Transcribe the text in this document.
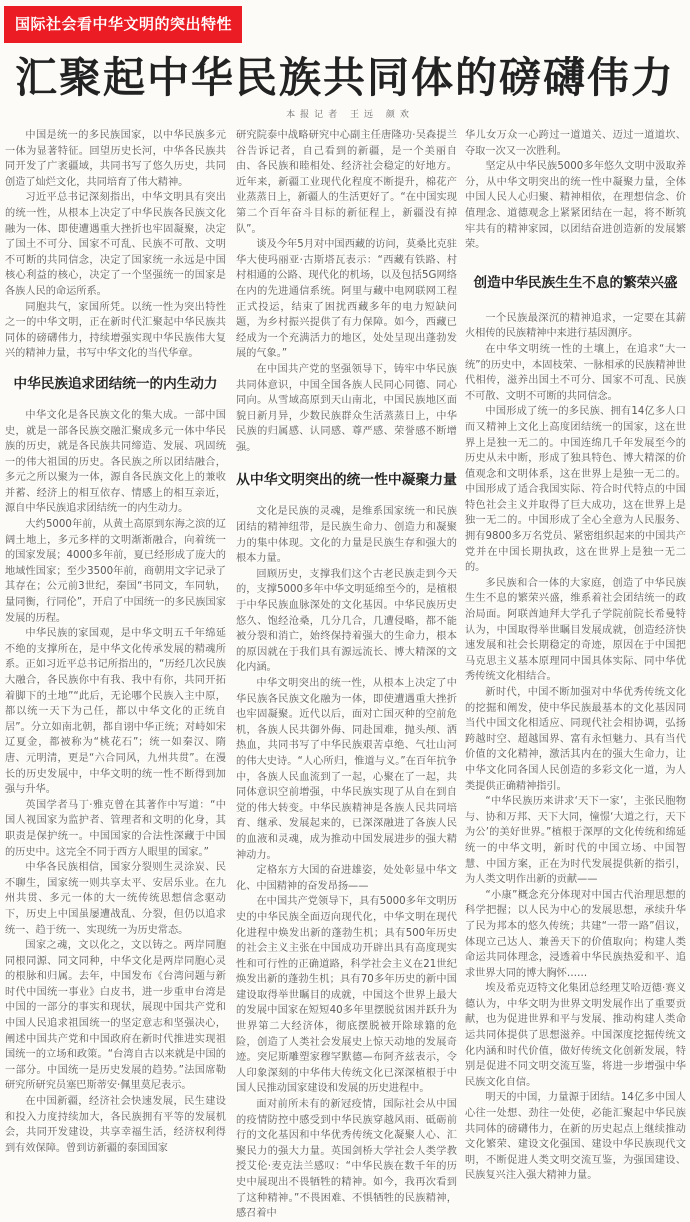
国际社会看中华文明的突出特性
汇聚起中华民族共同体的磅礴伟力
本报记者 王远 颜欢

中国是统一的多民族国家，以中华民族多元一体为显著特征。回望历史长河，中华各民族共同开发了广袤疆域，共同书写了悠久历史，共同创造了灿烂文化，共同培育了伟大精神。

习近平总书记深刻指出，中华文明具有突出的统一性，从根本上决定了中华民族各民族文化融为一体、即使遭遇重大挫折也牢固凝聚，决定了国土不可分、国家不可乱、民族不可散、文明不可断的共同信念，决定了国家统一永远是中国核心利益的核心，决定了一个坚强统一的国家是各族人民的命运所系。

同胞共气，家国所凭。以统一性为突出特性之一的中华文明，正在新时代汇聚起中华民族共同体的磅礴伟力，持续增强实现中华民族伟大复兴的精神力量，书写中华文化的当代华章。

中华民族追求团结统一的内生动力

中华文化是各民族文化的集大成。一部中国史，就是一部各民族交融汇聚成多元一体中华民族的历史，就是各民族共同缔造、发展、巩固统一的伟大祖国的历史。各民族之所以团结融合，多元之所以聚为一体，源自各民族文化上的兼收并蓄、经济上的相互依存、情感上的相互亲近，源自中华民族追求团结统一的内生动力。

大约5000年前，从黄土高原到东海之滨的辽阔土地上，多元多样的文明渐渐融合，向着统一的国家发展；4000多年前，夏已经形成了庞大的地域性国家；至少3500年前，商朝用文字记录了其存在；公元前3世纪，秦国“书同文，车同轨，量同衡，行同伦”，开启了中国统一的多民族国家发展的历程。

中华民族的家国观，是中华文明五千年绵延不绝的支撑所在，是中华文化传承发展的精魂所系。正如习近平总书记所指出的，“历经几次民族大融合，各民族你中有我、我中有你，共同开拓着脚下的土地”“此后，无论哪个民族入主中原，都以统一天下为己任，都以中华文化的正统自居”。分立如南北朝，都自诩中华正统；对峙如宋辽夏金，都被称为“桃花石”；统一如秦汉、隋唐、元明清，更是“六合同风，九州共贯”。在漫长的历史发展中，中华文明的统一性不断得到加强与升华。

英国学者马丁·雅克曾在其著作中写道：“中国人视国家为监护者、管理者和文明的化身，其职责是保护统一。中国国家的合法性深藏于中国的历史中。这完全不同于西方人眼里的国家。”

中华各民族相信，国家分裂则生灵涂炭、民不聊生，国家统一则共享太平、安居乐业。在九州共贯、多元一体的大一统传统思想信念驱动下，历史上中国虽屡遭战乱、分裂，但仍以追求统一、趋于统一、实现统一为历史常态。

国家之魂，文以化之，文以铸之。两岸同胞同根同源、同文同种，中华文化是两岸同胞心灵的根脉和归属。去年，中国发布《台湾问题与新时代中国统一事业》白皮书，进一步重申台湾是中国的一部分的事实和现状，展现中国共产党和中国人民追求祖国统一的坚定意志和坚强决心，阐述中国共产党和中国政府在新时代推进实现祖国统一的立场和政策。“台湾自古以来就是中国的一部分。中国统一是历史发展的趋势。”法国席勒研究所研究员塞巴斯蒂安·佩里莫尼表示。

在中国新疆，经济社会快速发展，民生建设和投入力度持续加大，各民族拥有平等的发展机会，共同开发建设，共享幸福生活，经济权利得到有效保障。曾到访新疆的泰国国家

研究院泰中战略研究中心副主任唐隆功·吴森提兰谷告诉记者，自己看到的新疆，是一个美丽自由、各民族和睦相处、经济社会稳定的好地方。近年来，新疆工业现代化程度不断提升，棉花产业蒸蒸日上，新疆人的生活更好了。“在中国实现第二个百年奋斗目标的新征程上，新疆没有掉队”。

谈及今年5月对中国西藏的访问，莫桑比克驻华大使玛丽亚·古斯塔瓦表示：“西藏有铁路、村村相通的公路、现代化的机场，以及包括5G网络在内的先进通信系统。阿里与藏中电网联网工程正式投运，结束了困扰西藏多年的电力短缺问题，为乡村振兴提供了有力保障。如今，西藏已经成为一个充满活力的地区，处处呈现出蓬勃发展的气象。”

在中国共产党的坚强领导下，铸牢中华民族共同体意识，中国全国各族人民同心同德、同心同向。从雪域高原到天山南北，中国民族地区面貌日新月异，少数民族群众生活蒸蒸日上，中华民族的归属感、认同感、尊严感、荣誉感不断增强。

从中华文明突出的统一性中凝聚力量

文化是民族的灵魂，是维系国家统一和民族团结的精神纽带，是民族生命力、创造力和凝聚力的集中体现。文化的力量是民族生存和强大的根本力量。

回顾历史，支撑我们这个古老民族走到今天的，支撑5000多年中华文明延绵至今的，是植根于中华民族血脉深处的文化基因。中华民族历史悠久、饱经沧桑，几分几合，几遭侵略，都不能被分裂和消亡，始终保持着强大的生命力，根本的原因就在于我们具有源远流长、博大精深的文化内涵。

中华文明突出的统一性，从根本上决定了中华民族各民族文化融为一体，即使遭遇重大挫折也牢固凝聚。近代以后，面对亡国灭种的空前危机，各族人民共御外侮、同赴国难，抛头颅、洒热血，共同书写了中华民族艰苦卓绝、气壮山河的伟大史诗。“人心所归，惟道与义。”在百年抗争中，各族人民血流到了一起，心聚在了一起，共同体意识空前增强，中华民族实现了从自在到自觉的伟大转变。中华民族精神是各族人民共同培育、继承、发展起来的，已深深融进了各族人民的血液和灵魂，成为推动中国发展进步的强大精神动力。

定格东方大国的奋进雄姿，处处彰显中华文化、中国精神的奋发昂扬——

在中国共产党领导下，具有5000多年文明历史的中华民族全面迈向现代化，中华文明在现代化进程中焕发出新的蓬勃生机；具有500年历史的社会主义主张在中国成功开辟出具有高度现实性和可行性的正确道路，科学社会主义在21世纪焕发出新的蓬勃生机；具有70多年历史的新中国建设取得举世瞩目的成就，中国这个世界上最大的发展中国家在短短40多年里摆脱贫困并跃升为世界第二大经济体，彻底摆脱被开除球籍的危险，创造了人类社会发展史上惊天动地的发展奇迹。突尼斯雕塑家穆罕默德—布阿齐兹表示，令人印象深刻的中华伟大传统文化已深深植根于中国人民推动国家建设和发展的历史进程中。

面对前所未有的新冠疫情，国际社会从中国的疫情防控中感受到中华民族穿越风雨、砥砺前行的文化基因和中华优秀传统文化凝聚人心、汇聚民力的强大力量。英国剑桥大学社会人类学教授艾伦·麦克法兰感叹：“中华民族在数千年的历史中展现出不畏牺牲的精神。如今，我再次看到了这种精神。”不畏困难、不惧牺牲的民族精神，感召着中

华儿女万众一心跨过一道道关、迈过一道道坎、夺取一次又一次胜利。

坚定从中华民族5000多年悠久文明中汲取养分，从中华文明突出的统一性中凝聚力量，全体中国人民人心归聚、精神相依，在理想信念、价值理念、道德观念上紧紧团结在一起，将不断筑牢共有的精神家园，以团结奋进创造新的发展繁荣。

创造中华民族生生不息的繁荣兴盛

一个民族最深沉的精神追求，一定要在其薪火相传的民族精神中来进行基因测序。

在中华文明统一性的土壤上，在追求“大一统”的历史中，本固枝荣、一脉相承的民族精神世代相传，滋养出国土不可分、国家不可乱、民族不可散、文明不可断的共同信念。

中国形成了统一的多民族、拥有14亿多人口而又精神上文化上高度团结统一的国家，这在世界上是独一无二的。中国连绵几千年发展至今的历史从未中断，形成了独具特色、博大精深的价值观念和文明体系，这在世界上是独一无二的。中国形成了适合我国实际、符合时代特点的中国特色社会主义并取得了巨大成功，这在世界上是独一无二的。中国形成了全心全意为人民服务、拥有9800多万名党员、紧密组织起来的中国共产党并在中国长期执政，这在世界上是独一无二的。

多民族和合一体的大家庭，创造了中华民族生生不息的繁荣兴盛，维系着社会团结统一的政治局面。阿联酋迪拜大学孔子学院前院长希曼特认为，中国取得举世瞩目发展成就，创造经济快速发展和社会长期稳定的奇迹，原因在于中国把马克思主义基本原理同中国具体实际、同中华优秀传统文化相结合。

新时代，中国不断加强对中华优秀传统文化的挖掘和阐发，使中华民族最基本的文化基因同当代中国文化相适应、同现代社会相协调，弘扬跨越时空、超越国界、富有永恒魅力、具有当代价值的文化精神，激活其内在的强大生命力，让中华文化同各国人民创造的多彩文化一道，为人类提供正确精神指引。

“中华民族历来讲求‘天下一家’，主张民胞物与、协和万邦、天下大同，憧憬‘大道之行，天下为公’的美好世界。”植根于深厚的文化传统和绵延统一的中华文明，新时代的中国立场、中国智慧、中国方案，正在为时代发展提供新的指引，为人类文明作出新的贡献——

“小康”概念充分体现对中国古代治理思想的科学把握；以人民为中心的发展思想，承续升华了民为邦本的悠久传统；共建“一带一路”倡议，体现立己达人、兼善天下的价值取向；构建人类命运共同体理念，浸透着中华民族热爱和平、追求世界大同的博大胸怀……

埃及希克迈特文化集团总经理艾哈迈德·赛义德认为，中华文明为世界文明发展作出了重要贡献，也为促进世界和平与发展、推动构建人类命运共同体提供了思想滋养。中国深度挖掘传统文化内涵和时代价值，做好传统文化创新发展，特别是促进不同文明交流互鉴，将进一步增强中华民族文化自信。

明天的中国，力量源于团结。14亿多中国人心往一处想、劲往一处使，必能汇聚起中华民族共同体的磅礴伟力，在新的历史起点上继续推动文化繁荣、建设文化强国、建设中华民族现代文明，不断促进人类文明交流互鉴，为强国建设、民族复兴注入强大精神力量。
